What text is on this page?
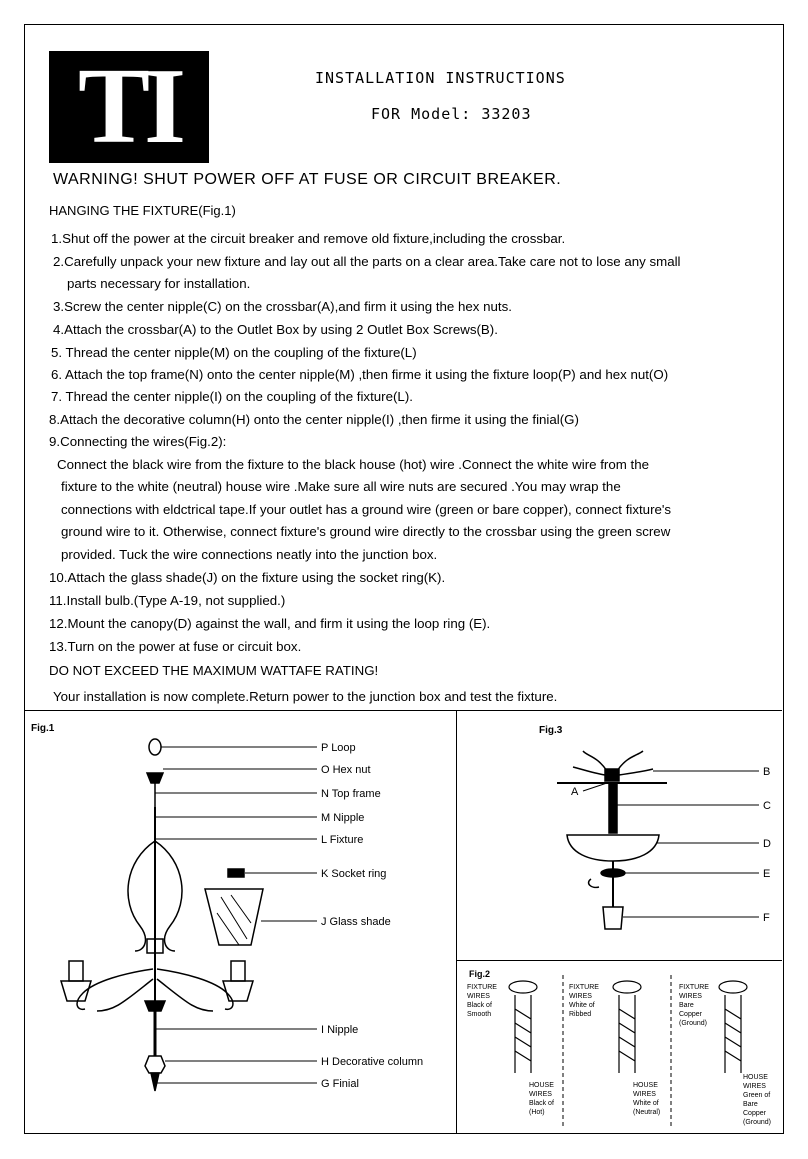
TI	INSTALLATION INSTRUCTIONS
FOR Model: 33203
WARNING! SHUT POWER OFF AT FUSE OR CIRCUIT BREAKER.
HANGING THE FIXTURE(Fig.1)
1.Shut off the power at the circuit breaker and remove old fixture,including the crossbar.
2.Carefully unpack your new fixture and lay out all the parts on a clear area.Take care not to lose any small
parts necessary for installation.
3.Screw the center nipple(C) on the crossbar(A),and firm it using the hex nuts.
4.Attach the crossbar(A) to the Outlet Box by using 2 Outlet Box Screws(B).
5. Thread the center nipple(M) on the coupling of the fixture(L)
6. Attach the top frame(N) onto the center nipple(M) ,then firme it using the fixture loop(P) and hex nut(O)
7. Thread the center nipple(I) on the coupling of the fixture(L).
8.Attach the decorative column(H) onto the center nipple(I) ,then firme it using the finial(G)
9.Connecting the wires(Fig.2):
Connect the black wire from the fixture to the black house (hot) wire .Connect the white wire from the
fixture to the white (neutral) house wire .Make sure all wire nuts are secured .You may wrap the
connections with eldctrical tape.If your outlet has a ground wire (green or bare copper), connect fixture's
ground wire to it. Otherwise, connect fixture's ground wire directly to the crossbar using the green screw
provided. Tuck the wire connections neatly into the junction box.
10.Attach the glass shade(J) on the fixture using the socket ring(K).
11.Install bulb.(Type A-19, not supplied.)
12.Mount the canopy(D) against the wall, and firm it using the loop ring (E).
13.Turn on the power at fuse or circuit box.
DO NOT EXCEED THE MAXIMUM WATTAFE RATING!
Your installation is now complete.Return power to the junction box and test the fixture.
Fig.1
P Loop
O Hex nut
N Top frame
M Nipple
L Fixture
K Socket ring
J Glass shade
I Nipple
H Decorative column
G Finial
Fig.3
A
B
C
D
E
F
Fig.2
FIXTURE
WIRES
Black of
Smooth
HOUSE
WIRES
Black of
(Hot)
FIXTURE
WIRES
White of
Ribbed
HOUSE
WIRES
White of
(Neutral)
FIXTURE
WIRES
Bare
Copper
(Ground)
HOUSE
WIRES
Green of
Bare
Copper
(Ground)
